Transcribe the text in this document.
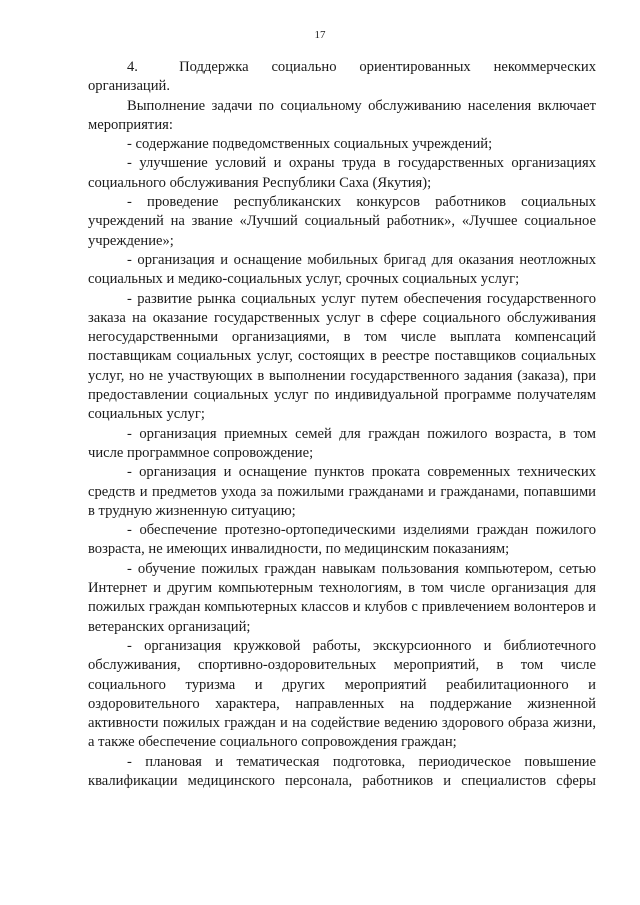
17

4.         Поддержка     социально     ориентированных     некоммерческих организаций.

Выполнение задачи по социальному обслуживанию населения включает мероприятия:

- содержание подведомственных социальных учреждений;

- улучшение условий и охраны труда в государственных организациях социального обслуживания Республики Саха (Якутия);

- проведение республиканских конкурсов работников социальных учреждений на звание «Лучший социальный работник», «Лучшее социальное учреждение»;

- организация и оснащение мобильных бригад для оказания неотложных социальных и медико-социальных услуг, срочных социальных услуг;

- развитие рынка социальных услуг путем обеспечения государственного заказа на оказание государственных услуг в сфере социального обслуживания негосударственными организациями, в том числе выплата компенсаций поставщикам социальных услуг, состоящих в реестре поставщиков социальных услуг, но не участвующих в выполнении государственного задания (заказа), при предоставлении социальных услуг по индивидуальной программе получателям социальных услуг;

- организация приемных семей для граждан пожилого возраста, в том числе программное сопровождение;

- организация и оснащение пунктов проката современных технических средств и предметов ухода за пожилыми гражданами и гражданами, попавшими в трудную жизненную ситуацию;

- обеспечение протезно-ортопедическими изделиями граждан пожилого возраста, не имеющих инвалидности, по медицинским показаниям;

- обучение пожилых граждан навыкам пользования компьютером, сетью Интернет и другим компьютерным технологиям, в том числе организация для пожилых граждан компьютерных классов и клубов с привлечением волонтеров и ветеранских организаций;

- организация кружковой работы, экскурсионного и библиотечного обслуживания, спортивно-оздоровительных мероприятий, в том числе социального туризма и других мероприятий реабилитационного и оздоровительного характера, направленных на поддержание жизненной активности пожилых граждан и на содействие ведению здорового образа жизни, а также обеспечение социального сопровождения граждан;

- плановая и тематическая подготовка, периодическое повышение квалификации медицинского персонала, работников и специалистов сферы
